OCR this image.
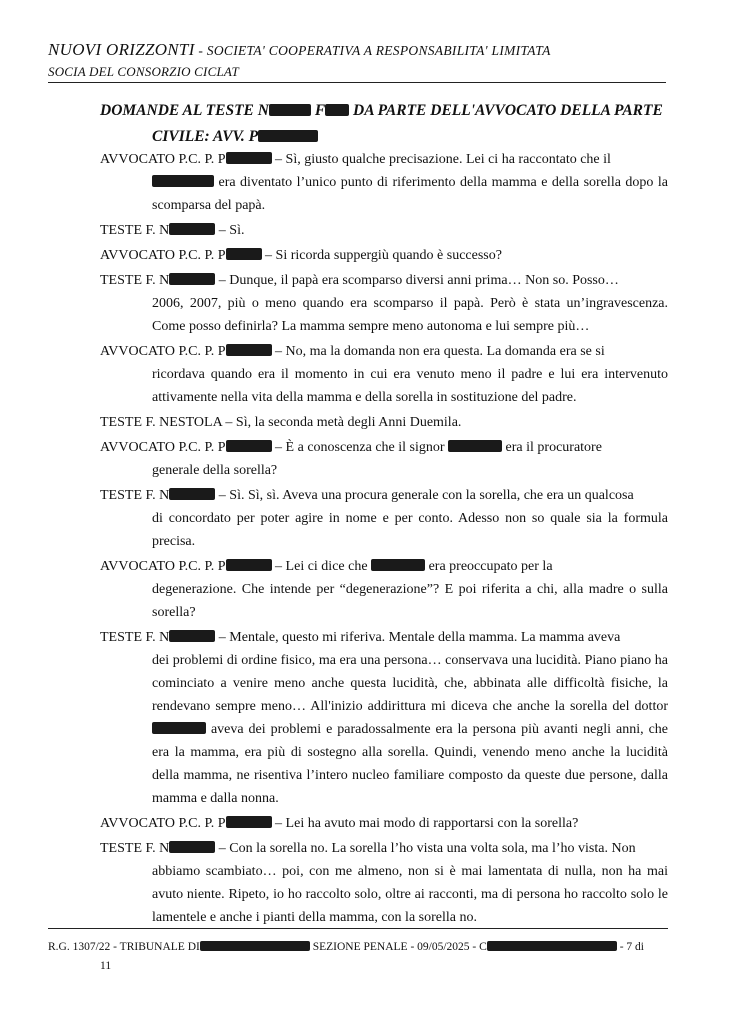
NUOVI ORIZZONTI - SOCIETA' COOPERATIVA A RESPONSABILITA' LIMITATA
SOCIA DEL CONSORZIO CICLAT
DOMANDE AL TESTE N	F DA PARTE DELL'AVVOCATO DELLA PARTE
CIVILE: AVV. P

AVVOCATO P.C. P. P	– Sì, giusto qualche precisazione. Lei ci ha raccontato che il
era diventato l’unico punto di riferimento della mamma e della sorella dopo la scomparsa del papà.

TESTE F. N	– Sì.

AVVOCATO P.C. P. P	– Si ricorda suppergiù quando è successo?

TESTE F. N	– Dunque, il papà era scomparso diversi anni prima… Non so. Posso…
2006, 2007, più o meno quando era scomparso il papà. Però è stata un’ingravescenza. Come posso definirla? La mamma sempre meno autonoma e lui sempre più…

AVVOCATO P.C. P. P	– No, ma la domanda non era questa. La domanda era se si
ricordava quando era il momento in cui era venuto meno il padre e lui era intervenuto attivamente nella vita della mamma e della sorella in sostituzione del padre.

TESTE F. NESTOLA – Sì, la seconda metà degli Anni Duemila.

AVVOCATO P.C. P. P	– È a conoscenza che il signor	era il procuratore
generale della sorella?

TESTE F. N	– Sì. Sì, sì. Aveva una procura generale con la sorella, che era un qualcosa
di concordato per poter agire in nome e per conto. Adesso non so quale sia la formula precisa.

AVVOCATO P.C. P. P	– Lei ci dice che	era preoccupato per la
degenerazione. Che intende per “degenerazione”? E poi riferita a chi, alla madre o sulla sorella?

TESTE F. N	– Mentale, questo mi riferiva. Mentale della mamma. La mamma aveva
dei problemi di ordine fisico, ma era una persona… conservava una lucidità. Piano piano ha cominciato a venire meno anche questa lucidità, che, abbinata alle difficoltà fisiche, la rendevano sempre meno… All'inizio addirittura mi diceva che anche la sorella del dottor  aveva dei problemi e paradossalmente era la persona più avanti negli anni, che era la mamma, era più di sostegno alla sorella. Quindi, venendo meno anche la lucidità della mamma, ne risentiva l’intero nucleo familiare composto da queste due persone, dalla mamma e dalla nonna.

AVVOCATO P.C. P. P	– Lei ha avuto mai modo di rapportarsi con la sorella?

TESTE F. N	– Con la sorella no. La sorella l’ho vista una volta sola, ma l’ho vista. Non
abbiamo scambiato… poi, con me almeno, non si è mai lamentata di nulla, non ha mai avuto niente. Ripeto, io ho raccolto solo, oltre ai racconti, ma di persona ho raccolto solo le lamentele e anche i pianti della mamma, con la sorella no.

R.G. 1307/22 - TRIBUNALE DI	SEZIONE PENALE - 09/05/2025 - C	- 7 di
11
